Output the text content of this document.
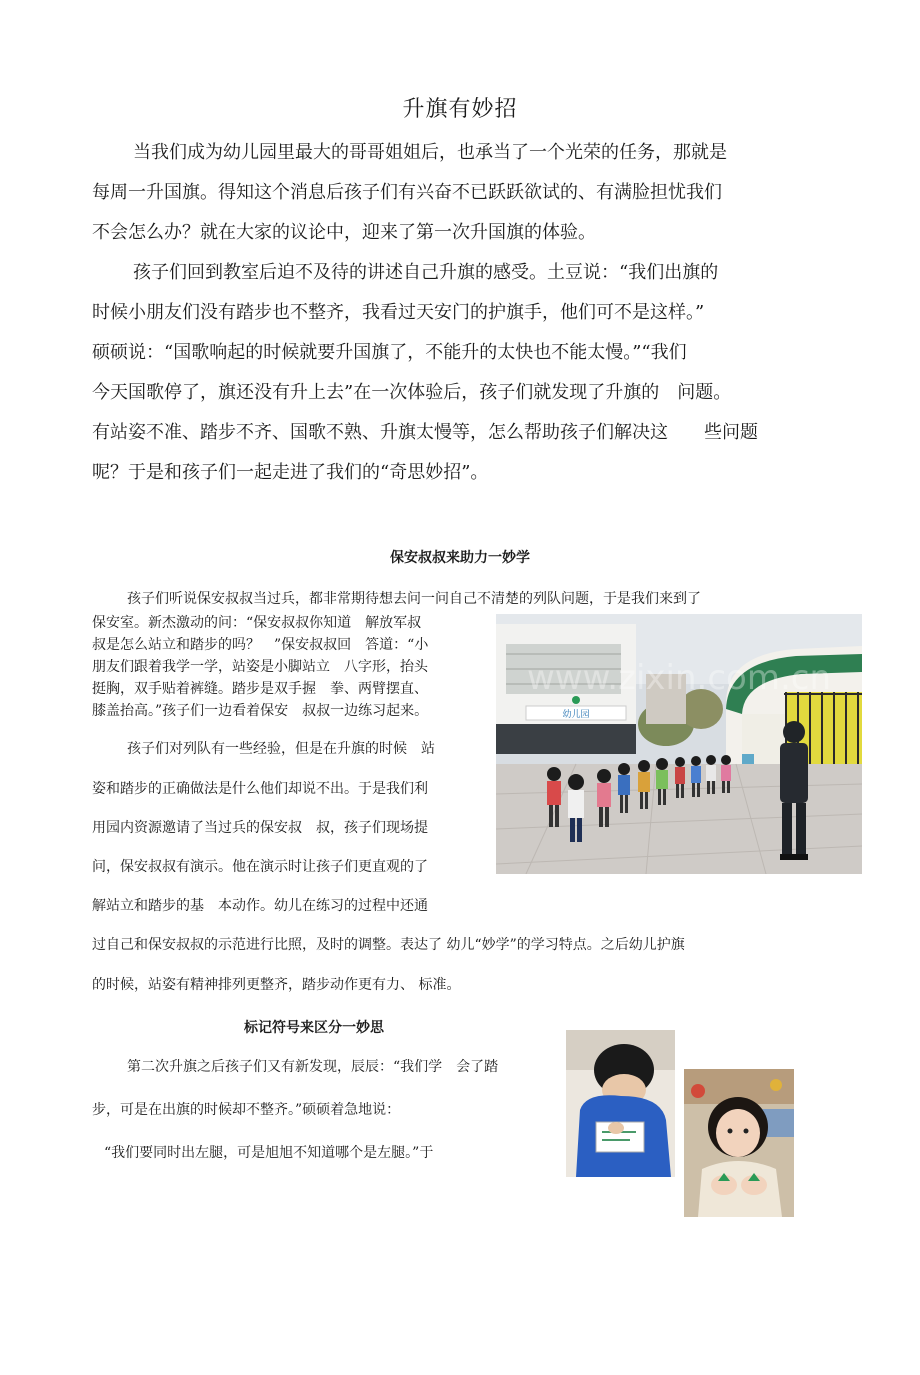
升旗有妙招
当我们成为幼儿园里最大的哥哥姐姐后，也承当了一个光荣的任务，那就是
每周一升国旗。得知这个消息后孩子们有兴奋不已跃跃欲试的、有满脸担忧我们
不会怎么办？就在大家的议论中，迎来了第一次升国旗的体验。
孩子们回到教室后迫不及待的讲述自己升旗的感受。土豆说：“我们出旗的
时候小朋友们没有踏步也不整齐，我看过天安门的护旗手，他们可不是这样。”
硕硕说：“国歌响起的时候就要升国旗了，不能升的太快也不能太慢。”“我们
今天国歌停了，旗还没有升上去”在一次体验后，孩子们就发现了升旗的　问题。
有站姿不准、踏步不齐、国歌不熟、升旗太慢等，怎么帮助孩子们解决这　　些问题
呢？于是和孩子们一起走进了我们的“奇思妙招”。
保安叔叔来助力一妙学
孩子们听说保安叔叔当过兵，都非常期待想去问一问自己不清楚的列队问题，于是我们来到了
保安室。新杰激动的问：“保安叔叔你知道　解放军叔
叔是怎么站立和踏步的吗？　”保安叔叔回　答道：“小
朋友们跟着我学一学，站姿是小脚站立　八字形，抬头
挺胸，双手贴着裤缝。踏步是双手握　拳、两臂摆直、
膝盖抬高。”孩子们一边看着保安　叔叔一边练习起来。
孩子们对列队有一些经验，但是在升旗的时候　站
姿和踏步的正确做法是什么他们却说不出。于是我们利
用园内资源邀请了当过兵的保安叔　叔，孩子们现场提
问，保安叔叔有演示。他在演示时让孩子们更直观的了
解站立和踏步的基　本动作。幼儿在练习的过程中还通
过自己和保安叔叔的示范进行比照，及时的调整。表达了 幼儿“妙学”的学习特点。之后幼儿护旗
的时候，站姿有精神排列更整齐，踏步动作更有力、 标准。
幼儿园
www.zixin.com.cn
标记符号来区分一妙思
第二次升旗之后孩子们又有新发现，辰辰：“我们学　会了踏
步，可是在出旗的时候却不整齐。”硕硕着急地说：
“我们要同时出左腿，可是旭旭不知道哪个是左腿。”于
